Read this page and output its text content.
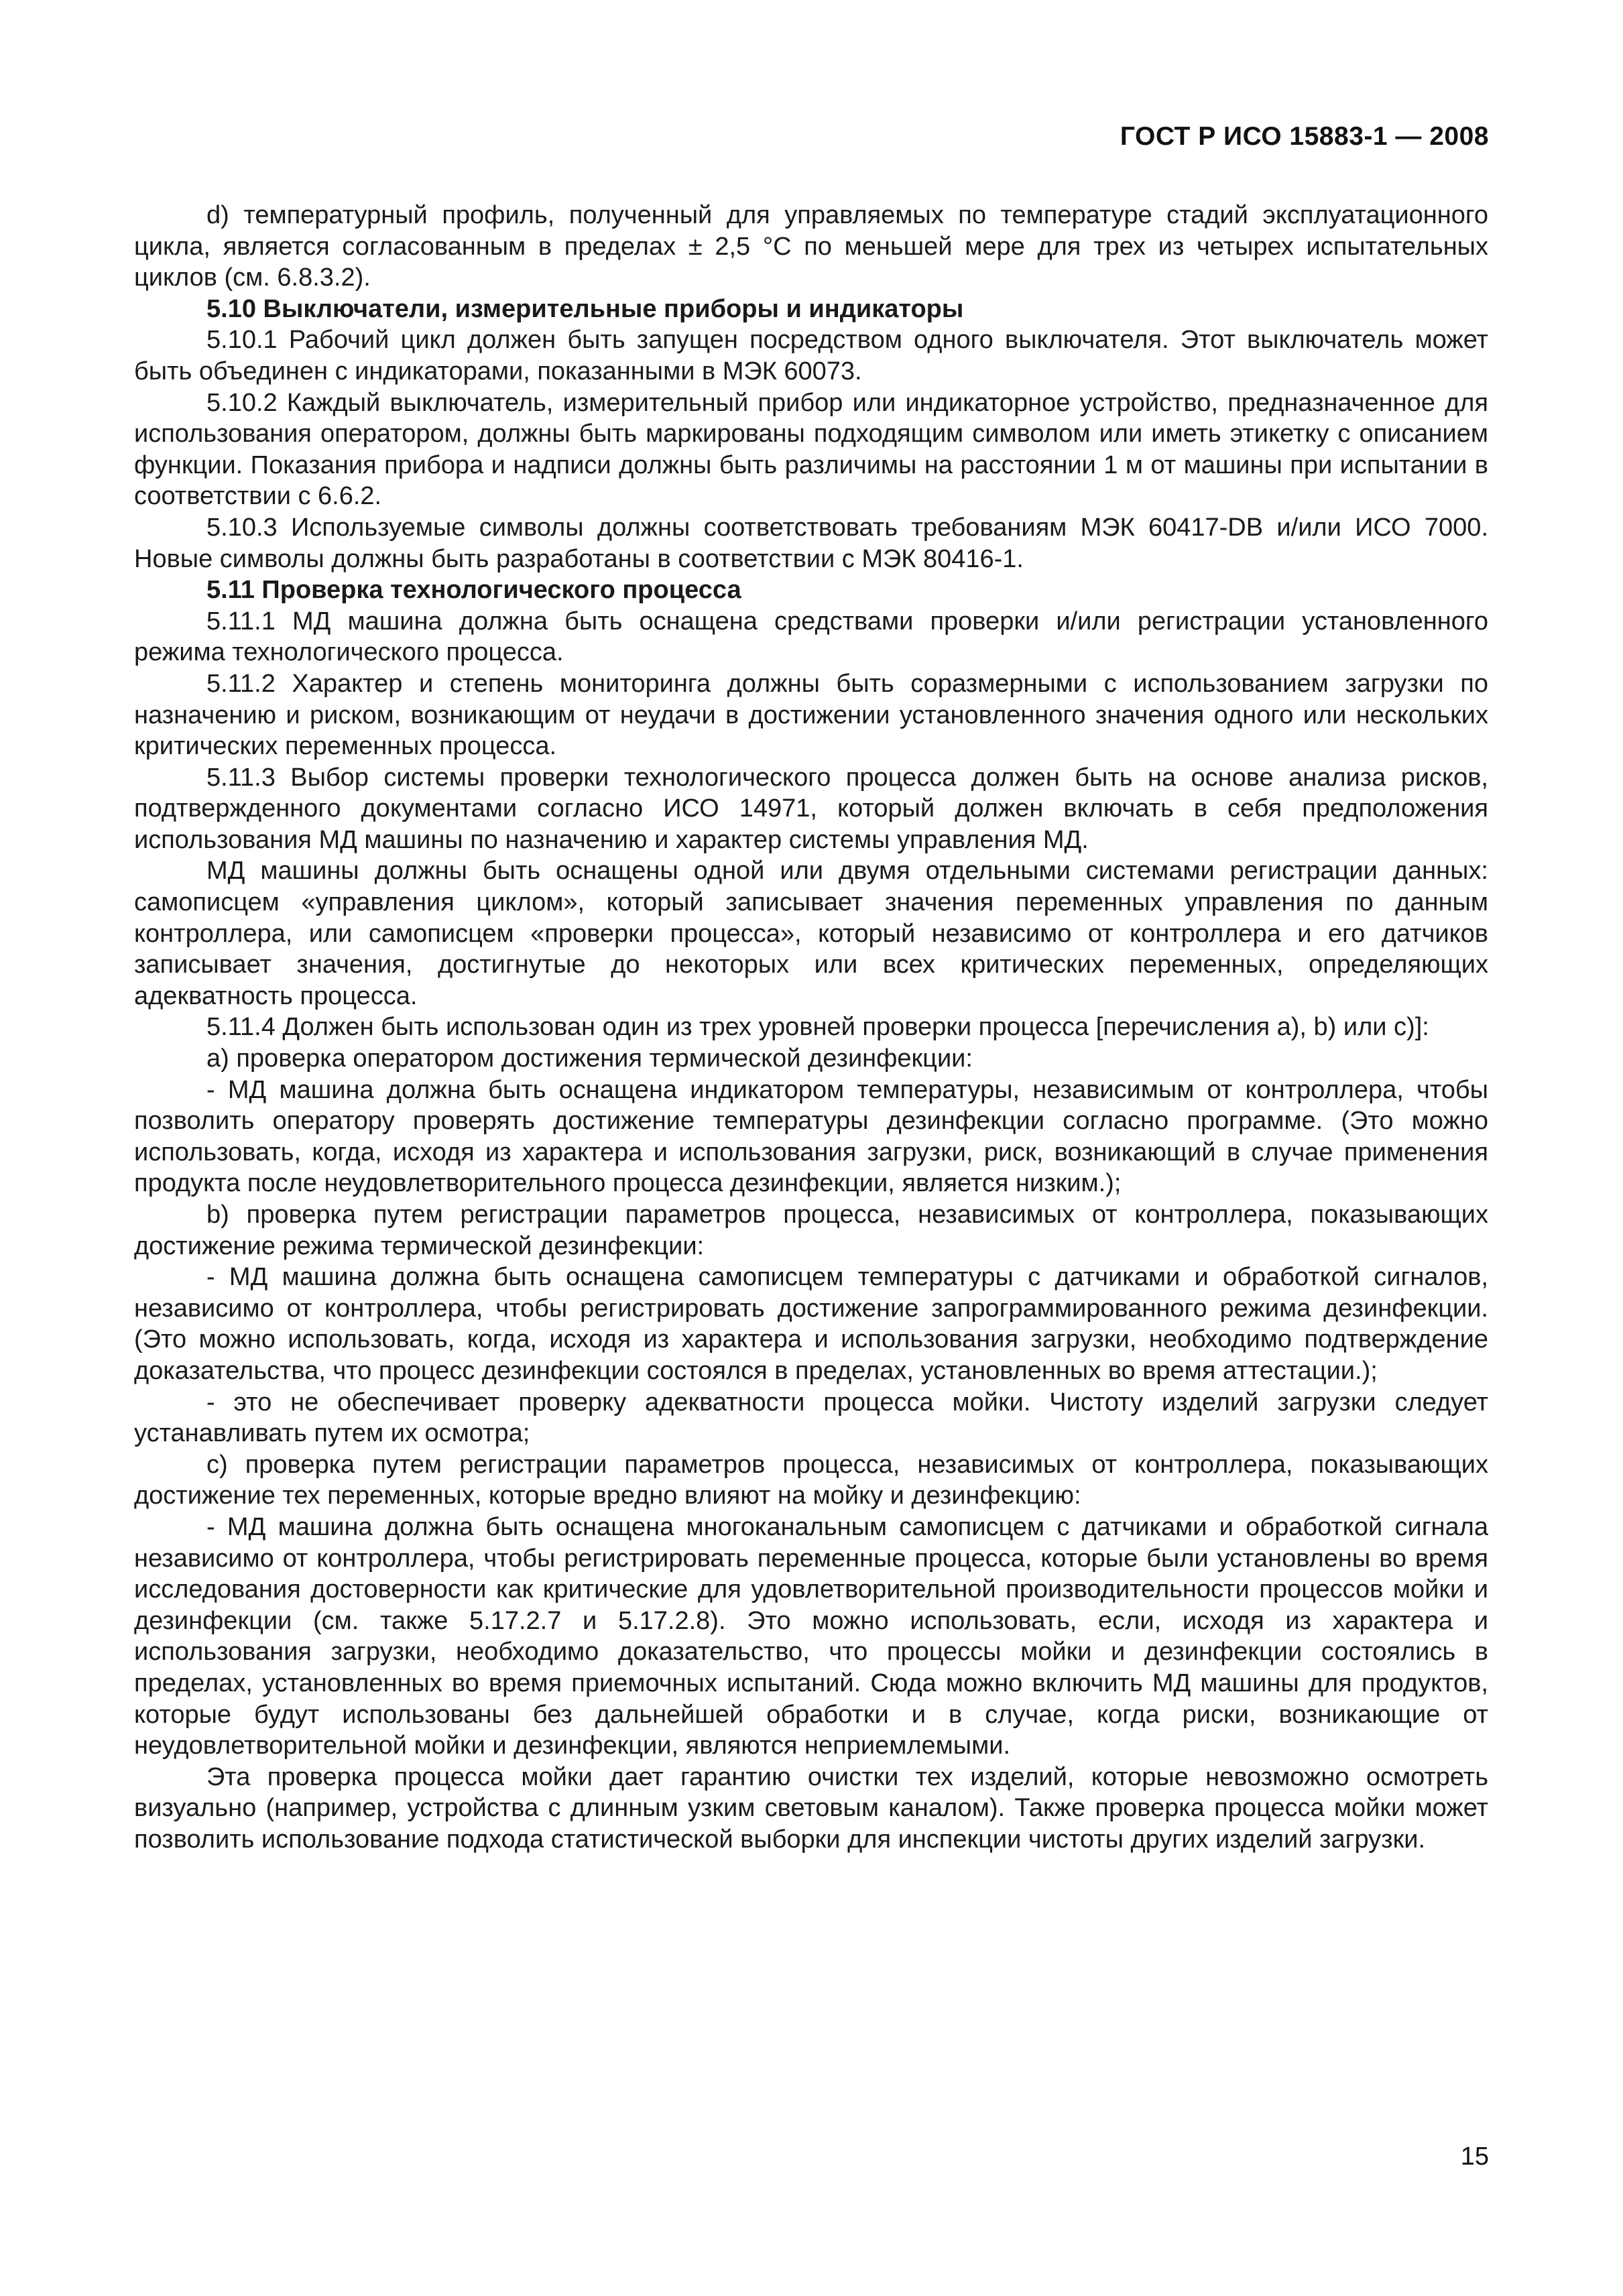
ГОСТ Р ИСО 15883-1 — 2008

d) температурный профиль, полученный для управляемых по температуре стадий эксплуатационного цикла, является согласованным в пределах ± 2,5 °C по меньшей мере для трех из четырех испытательных циклов (см. 6.8.3.2).

5.10 Выключатели, измерительные приборы и индикаторы

5.10.1 Рабочий цикл должен быть запущен посредством одного выключателя. Этот выключатель может быть объединен с индикаторами, показанными в МЭК 60073.

5.10.2 Каждый выключатель, измерительный прибор или индикаторное устройство, предназначенное для использования оператором, должны быть маркированы подходящим символом или иметь этикетку с описанием функции. Показания прибора и надписи должны быть различимы на расстоянии 1 м от машины при испытании в соответствии с 6.6.2.

5.10.3 Используемые символы должны соответствовать требованиям МЭК 60417-DB и/или ИСО 7000. Новые символы должны быть разработаны в соответствии с МЭК 80416-1.

5.11 Проверка технологического процесса

5.11.1 МД машина должна быть оснащена средствами проверки и/или регистрации установленного режима технологического процесса.

5.11.2 Характер и степень мониторинга должны быть соразмерными с использованием загрузки по назначению и риском, возникающим от неудачи в достижении установленного значения одного или нескольких критических переменных процесса.

5.11.3 Выбор системы проверки технологического процесса должен быть на основе анализа рисков, подтвержденного документами согласно ИСО 14971, который должен включать в себя предположения использования МД машины по назначению и характер системы управления МД.

МД машины должны быть оснащены одной или двумя отдельными системами регистрации данных: самописцем «управления циклом», который записывает значения переменных управления по данным контроллера, или самописцем «проверки процесса», который независимо от контроллера и его датчиков записывает значения, достигнутые до некоторых или всех критических переменных, определяющих адекватность процесса.

5.11.4 Должен быть использован один из трех уровней проверки процесса [перечисления a), b) или c)]:

a) проверка оператором достижения термической дезинфекции:

- МД машина должна быть оснащена индикатором температуры, независимым от контроллера, чтобы позволить оператору проверять достижение температуры дезинфекции согласно программе. (Это можно использовать, когда, исходя из характера и использования загрузки, риск, возникающий в случае применения продукта после неудовлетворительного процесса дезинфекции, является низким.);

b) проверка путем регистрации параметров процесса, независимых от контроллера, показывающих достижение режима термической дезинфекции:

- МД машина должна быть оснащена самописцем температуры с датчиками и обработкой сигналов, независимо от контроллера, чтобы регистрировать достижение запрограммированного режима дезинфекции. (Это можно использовать, когда, исходя из характера и использования загрузки, необходимо подтверждение доказательства, что процесс дезинфекции состоялся в пределах, установленных во время аттестации.);

- это не обеспечивает проверку адекватности процесса мойки. Чистоту изделий загрузки следует устанавливать путем их осмотра;

c) проверка путем регистрации параметров процесса, независимых от контроллера, показывающих достижение тех переменных, которые вредно влияют на мойку и дезинфекцию:

- МД машина должна быть оснащена многоканальным самописцем с датчиками и обработкой сигнала независимо от контроллера, чтобы регистрировать переменные процесса, которые были установлены во время исследования достоверности как критические для удовлетворительной производительности процессов мойки и дезинфекции (см. также 5.17.2.7 и 5.17.2.8). Это можно использовать, если, исходя из характера и использования загрузки, необходимо доказательство, что процессы мойки и дезинфекции состоялись в пределах, установленных во время приемочных испытаний. Сюда можно включить МД машины для продуктов, которые будут использованы без дальнейшей обработки и в случае, когда риски, возникающие от неудовлетворительной мойки и дезинфекции, являются неприемлемыми.

Эта проверка процесса мойки дает гарантию очистки тех изделий, которые невозможно осмотреть визуально (например, устройства с длинным узким световым каналом). Также проверка процесса мойки может позволить использование подхода статистической выборки для инспекции чистоты других изделий загрузки.

15
